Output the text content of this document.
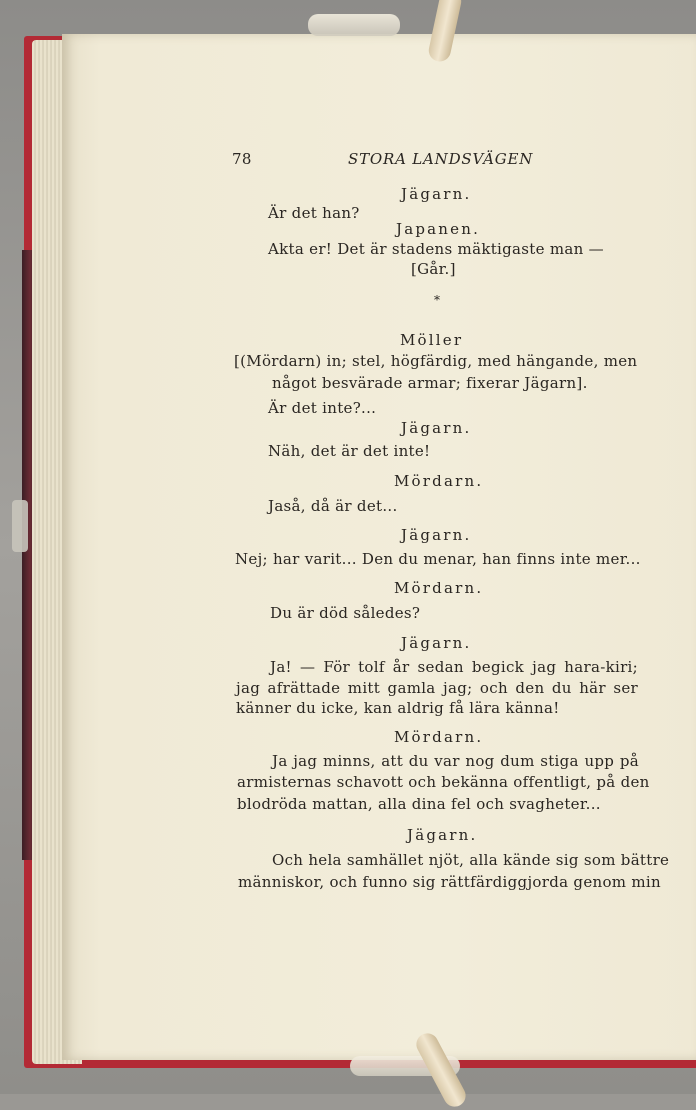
78	STORA LANDSVÄGEN
Jägarn.
Är det han?
Japanen.
Akta er! Det är stadens mäktigaste man —
[Går.]
*
Möller
[(Mördarn) in; stel, högfärdig, med hängande, men
något besvärade armar; fixerar Jägarn].
Är det inte?...
Jägarn.
Näh, det är det inte!
Mördarn.
Jaså, då är det...
Jägarn.
Nej; har varit... Den du menar, han finns inte mer...
Mördarn.
Du är död således?
Jägarn.
Ja! — För tolf år sedan begick jag hara-kiri;
jag afrättade mitt gamla jag; och den du här ser
känner du icke, kan aldrig få lära känna!
Mördarn.
Ja jag minns, att du var nog dum stiga upp på
armisternas schavott och bekänna offentligt, på den
blodröda mattan, alla dina fel och svagheter...
Jägarn.
Och hela samhället njöt, alla kände sig som bättre
människor, och funno sig rättfärdiggjorda genom min
